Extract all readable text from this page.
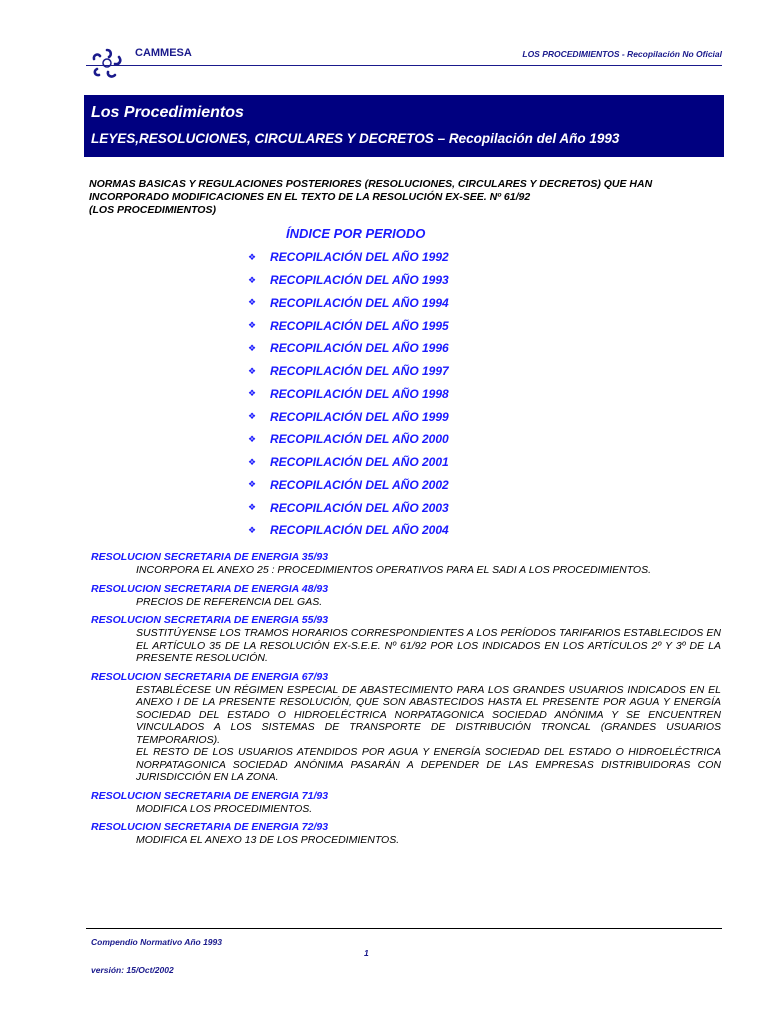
CAMMESA	LOS PROCEDIMIENTOS - Recopilación No Oficial
Los Procedimientos
LEYES,RESOLUCIONES, CIRCULARES Y DECRETOS – Recopilación del Año 1993
NORMAS BASICAS Y REGULACIONES POSTERIORES (RESOLUCIONES, CIRCULARES Y DECRETOS) QUE HAN
INCORPORADO MODIFICACIONES EN EL TEXTO DE LA RESOLUCIÓN EX-SEE. Nº 61/92
(LOS PROCEDIMIENTOS)
ÍNDICE POR PERIODO
❖	RECOPILACIÓN DEL AÑO 1992
❖	RECOPILACIÓN DEL AÑO 1993
❖	RECOPILACIÓN DEL AÑO 1994
❖	RECOPILACIÓN DEL AÑO 1995
❖	RECOPILACIÓN DEL AÑO 1996
❖	RECOPILACIÓN DEL AÑO 1997
❖	RECOPILACIÓN DEL AÑO 1998
❖	RECOPILACIÓN DEL AÑO 1999
❖	RECOPILACIÓN DEL AÑO 2000
❖	RECOPILACIÓN DEL AÑO 2001
❖	RECOPILACIÓN DEL AÑO 2002
❖	RECOPILACIÓN DEL AÑO 2003
❖	RECOPILACIÓN DEL AÑO 2004
RESOLUCION SECRETARIA DE ENERGIA 35/93

INCORPORA EL ANEXO 25 : PROCEDIMIENTOS OPERATIVOS PARA EL SADI A LOS PROCEDIMIENTOS.

RESOLUCION SECRETARIA DE ENERGIA 48/93

PRECIOS DE REFERENCIA DEL GAS.

RESOLUCION SECRETARIA DE ENERGIA 55/93

SUSTITÚYENSE LOS TRAMOS HORARIOS CORRESPONDIENTES A LOS PERÍODOS TARIFARIOS ESTABLECIDOS EN EL ARTÍCULO 35 DE LA RESOLUCIÓN EX-S.E.E. Nº 61/92 POR LOS INDICADOS EN LOS ARTÍCULOS 2º Y 3º DE LA PRESENTE RESOLUCIÓN.

RESOLUCION SECRETARIA DE ENERGIA 67/93

ESTABLÉCESE UN RÉGIMEN ESPECIAL DE ABASTECIMIENTO PARA LOS GRANDES USUARIOS INDICADOS EN EL ANEXO I DE LA PRESENTE RESOLUCIÓN, QUE SON ABASTECIDOS HASTA EL PRESENTE POR AGUA Y ENERGÍA SOCIEDAD DEL ESTADO O HIDROELÉCTRICA NORPATAGONICA SOCIEDAD ANÓNIMA Y SE ENCUENTREN VINCULADOS A LOS SISTEMAS DE TRANSPORTE DE DISTRIBUCIÓN TRONCAL (GRANDES USUARIOS TEMPORARIOS).

EL RESTO DE LOS USUARIOS ATENDIDOS POR AGUA Y ENERGÍA SOCIEDAD DEL ESTADO O HIDROELÉCTRICA NORPATAGONICA SOCIEDAD ANÓNIMA PASARÁN A DEPENDER DE LAS EMPRESAS DISTRIBUIDORAS CON JURISDICCIÓN EN LA ZONA.

RESOLUCION SECRETARIA DE ENERGIA 71/93

MODIFICA LOS PROCEDIMIENTOS.

RESOLUCION SECRETARIA DE ENERGIA 72/93

MODIFICA EL ANEXO 13 DE LOS PROCEDIMIENTOS.

Compendio Normativo Año 1993
1
versión: 15/Oct/2002
